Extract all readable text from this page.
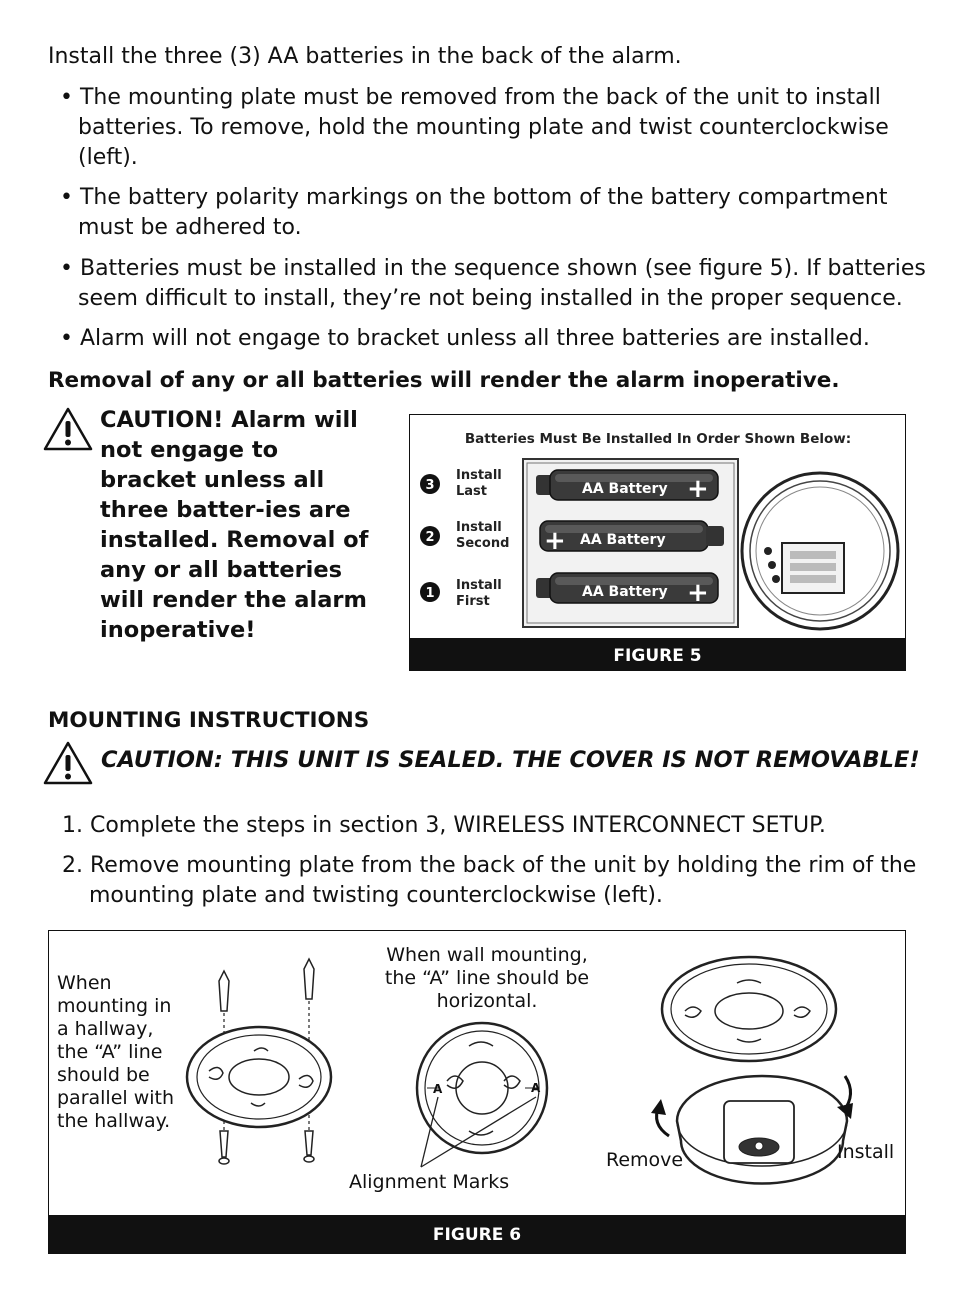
Install the three (3) AA batteries in the back of the alarm.
• The mounting plate must be removed from the back of the unit to install batteries. To remove, hold the mounting plate and twist counterclockwise (left).
• The battery polarity markings on the bottom of the battery compartment must be adhered to.
• Batteries must be installed in the sequence shown (see figure 5). If batteries seem difficult to install, they’re not being installed in the proper sequence.
• Alarm will not engage to bracket unless all three batteries are installed.
Removal of any or all batteries will render the alarm inoperative.
CAUTION! Alarm will not engage to bracket unless all three batter-ies are installed. Removal of any or all batteries will render the alarm inoperative!
Batteries Must Be Installed In Order Shown Below:
3
Install
Last	AA Battery +
2
Install
Second + AA Battery
1
Install
First
AA Battery +
FIGURE 5
MOUNTING INSTRUCTIONS
CAUTION: THIS UNIT IS SEALED. THE COVER IS NOT REMOVABLE!
1. Complete the steps in section 3, WIRELESS INTERCONNECT SETUP.
2. Remove mounting plate from the back of the unit by holding the rim of the mounting plate and twisting counterclockwise (left).
When mounting in a hallway, the “A” line should be parallel with the hallway.
When wall mounting, the “A” line should be horizontal.
A	A
Alignment Marks
Remove	Install
FIGURE 6
